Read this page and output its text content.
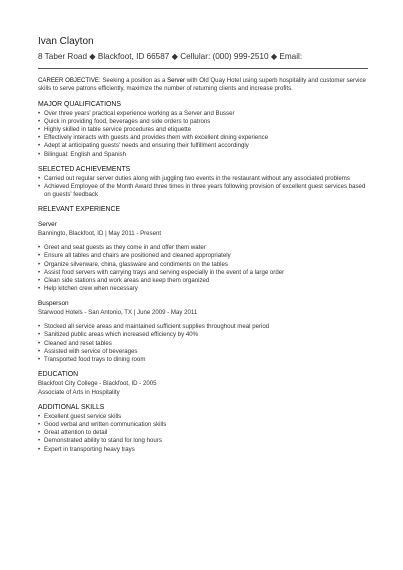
Ivan Clayton
8 Taber Road ◆ Blackfoot, ID 66587 ◆ Cellular: (000) 999-2510 ◆ Email:
CAREER OBJECTIVE: Seeking a position as a Server with Old Quay Hotel using superb hospitality and customer service skills to serve patrons efficiently, maximize the number of returning clients and increase profits.
MAJOR QUALIFICATIONS
• Over three years' practical experience working as a Server and Busser
• Quick in providing food, beverages and side orders to patrons
• Highly skilled in table service procedures and etiquette
• Effectively interacts with guests and provides them with excellent dining experience
• Adept at anticipating guests' needs and ensuring their fulfillment accordingly
• Bilingual: English and Spanish
SELECTED ACHIEVEMENTS
• Carried out regular server duties along with juggling two events in the restaurant without any associated problems
• Achieved Employee of the Month Award three times in three years following provision of excellent guest services based on guests' feedback
RELEVANT EXPERIENCE
Server
Banningto, Blackfoot, ID | May 2011 - Present
• Greet and seat guests as they come in and offer them water
• Ensure all tables and chairs are positioned and cleaned appropriately
• Organize silverware, china, glassware and condiments on the tables
• Assist food servers with carrying trays and serving especially in the event of a large order
• Clean side stations and work areas and keep them organized
• Help kitchen crew when necessary
Busperson
Starwood Hotels - San Antonio, TX | June 2009 - May 2011
• Stocked all service areas and maintained sufficient supplies throughout meal period
• Sanitized public areas which increased efficiency by 40%
• Cleaned and reset tables
• Assisted with service of beverages
• Transported food trays to dining room
EDUCATION
Blackfoot City College - Blackfoot, ID - 2005
Associate of Arts in Hospitality
ADDITIONAL SKILLS
• Excellent guest service skills
• Good verbal and written communication skills
• Great attention to detail
• Demonstrated ability to stand for long hours
• Expert in transporting heavy trays
